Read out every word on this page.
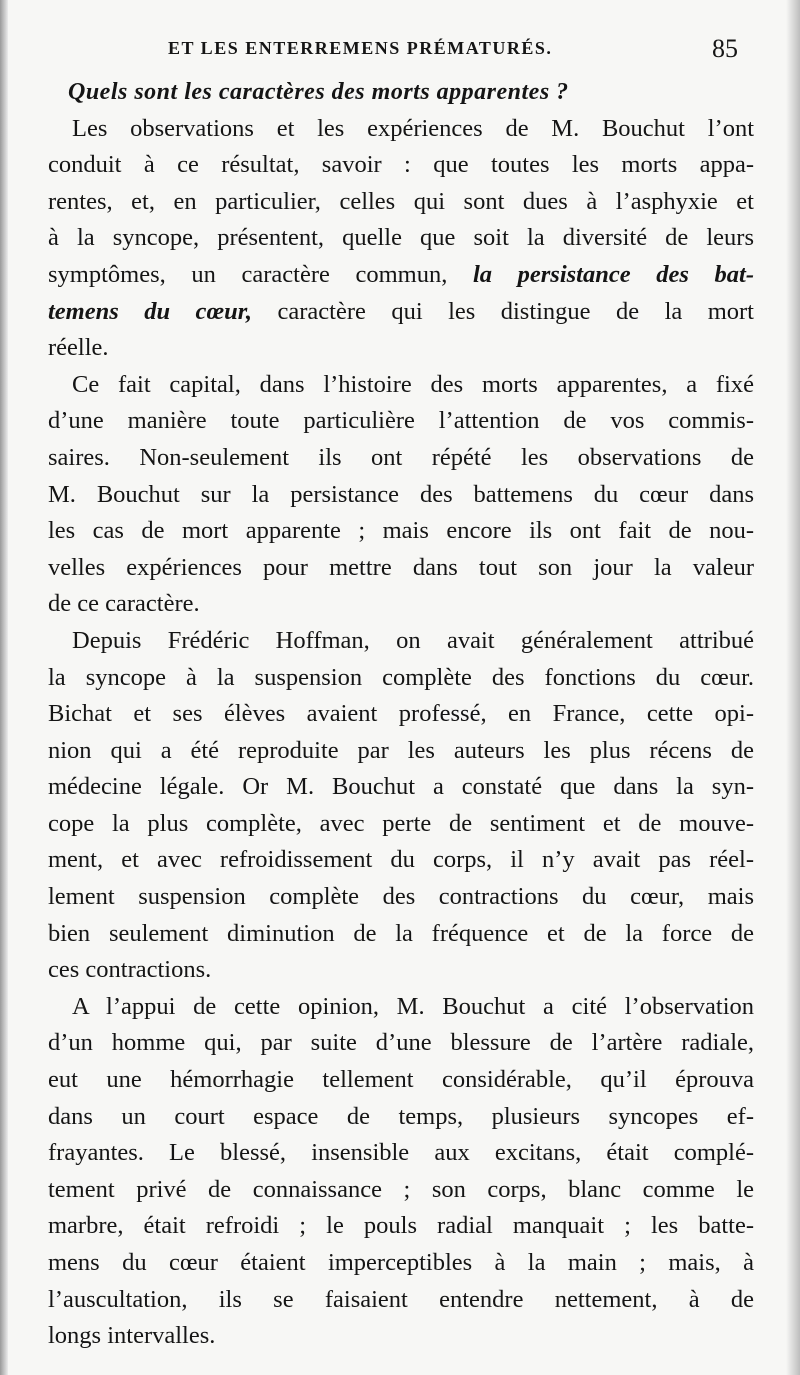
ET LES ENTERREMENS PRÉMATURÉS.	85

Quels sont les caractères des morts apparentes ?

Les observations et les expériences de M. Bouchut l’ont
conduit à ce résultat, savoir : que toutes les morts appa-
rentes, et, en particulier, celles qui sont dues à l’asphyxie et
à la syncope, présentent, quelle que soit la diversité de leurs
symptômes, un caractère commun, la persistance des bat-
temens du cœur, caractère qui les distingue de la mort
réelle.

Ce fait capital, dans l’histoire des morts apparentes, a fixé
d’une manière toute particulière l’attention de vos commis-
saires. Non-seulement ils ont répété les observations de
M. Bouchut sur la persistance des battemens du cœur dans
les cas de mort apparente ; mais encore ils ont fait de nou-
velles expériences pour mettre dans tout son jour la valeur
de ce caractère.

Depuis Frédéric Hoffman, on avait généralement attribué
la syncope à la suspension complète des fonctions du cœur.
Bichat et ses élèves avaient professé, en France, cette opi-
nion qui a été reproduite par les auteurs les plus récens de
médecine légale. Or M. Bouchut a constaté que dans la syn-
cope la plus complète, avec perte de sentiment et de mouve-
ment, et avec refroidissement du corps, il n’y avait pas réel-
lement suspension complète des contractions du cœur, mais
bien seulement diminution de la fréquence et de la force de
ces contractions.

A l’appui de cette opinion, M. Bouchut a cité l’observation
d’un homme qui, par suite d’une blessure de l’artère radiale,
eut une hémorrhagie tellement considérable, qu’il éprouva
dans un court espace de temps, plusieurs syncopes ef-
frayantes. Le blessé, insensible aux excitans, était complé-
tement privé de connaissance ; son corps, blanc comme le
marbre, était refroidi ; le pouls radial manquait ; les batte-
mens du cœur étaient imperceptibles à la main ; mais, à
l’auscultation, ils se faisaient entendre nettement, à de
longs intervalles.
